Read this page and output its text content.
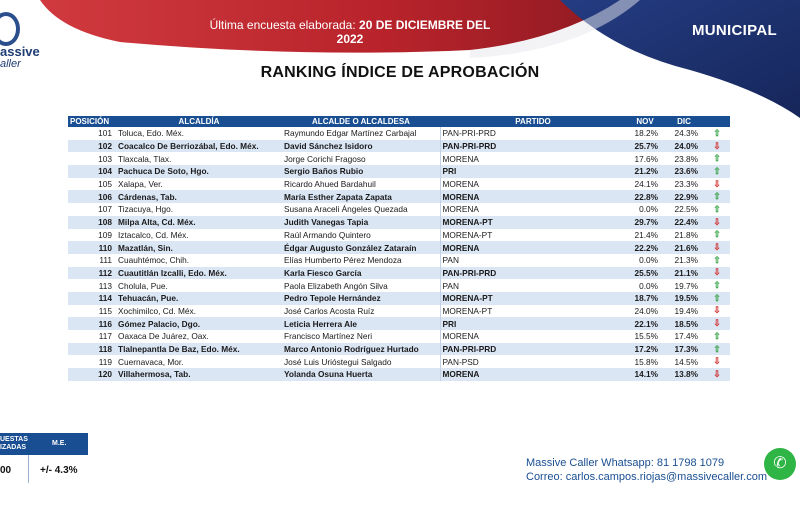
assive
aller
Última encuesta elaborada: 20 DE DICIEMBRE DEL 2022	MUNICIPAL
RANKING ÍNDICE DE APROBACIÓN
POSICIÓN	ALCALDÍA	ALCALDE O ALCALDESA	PARTIDO	NOV	DIC	
101	Toluca, Edo. Méx.	Raymundo Edgar Martínez Carbajal	PAN-PRI-PRD	18.2%	24.3%	⇧
102	Coacalco De Berriozábal, Edo. Méx.	David Sánchez Isidoro	PAN-PRI-PRD	25.7%	24.0%	⇩
103	Tlaxcala, Tlax.	Jorge Corichi Fragoso	MORENA	17.6%	23.8%	⇧
104	Pachuca De Soto, Hgo.	Sergio Baños Rubio	PRI	21.2%	23.6%	⇧
105	Xalapa, Ver.	Ricardo Ahued Bardahuil	MORENA	24.1%	23.3%	⇩
106	Cárdenas, Tab.	María Esther Zapata Zapata	MORENA	22.8%	22.9%	⇧
107	Tizacuya, Hgo.	Susana Araceli Ángeles Quezada	MORENA	0.0%	22.5%	⇧
108	Milpa Alta, Cd. Méx.	Judith Vanegas Tapia	MORENA-PT	29.7%	22.4%	⇩
109	Iztacalco, Cd. Méx.	Raúl Armando Quintero	MORENA-PT	21.4%	21.8%	⇧
110	Mazatlán, Sin.	Édgar Augusto González Zataraín	MORENA	22.2%	21.6%	⇩
111	Cuauhtémoc, Chih.	Elías Humberto Pérez Mendoza	PAN	0.0%	21.3%	⇧
112	Cuautitlán Izcalli, Edo. Méx.	Karla Fiesco García	PAN-PRI-PRD	25.5%	21.1%	⇩
113	Cholula, Pue.	Paola Elizabeth Angón Silva	PAN	0.0%	19.7%	⇧
114	Tehuacán, Pue.	Pedro Tepole Hernández	MORENA-PT	18.7%	19.5%	⇧
115	Xochimilco, Cd. Méx.	José Carlos Acosta Ruíz	MORENA-PT	24.0%	19.4%	⇩
116	Gómez Palacio, Dgo.	Leticia Herrera Ale	PRI	22.1%	18.5%	⇩
117	Oaxaca De Juárez, Oax.	Francisco Martínez Neri	MORENA	15.5%	17.4%	⇧
118	Tlalnepantla De Baz, Edo. Méx.	Marco Antonio Rodríguez Hurtado	PAN-PRI-PRD	17.2%	17.3%	⇧
119	Cuernavaca, Mor.	José Luis Urióstegui Salgado	PAN-PSD	15.8%	14.5%	⇩
120	Villahermosa, Tab.	Yolanda Osuna Huerta	MORENA	14.1%	13.8%	⇩
UESTAS
IZADAS
M.E.
00	+/- 4.3%
Massive Caller Whatsapp: 81 1798 1079
Correo: carlos.campos.riojas@massivecaller.com
✆
